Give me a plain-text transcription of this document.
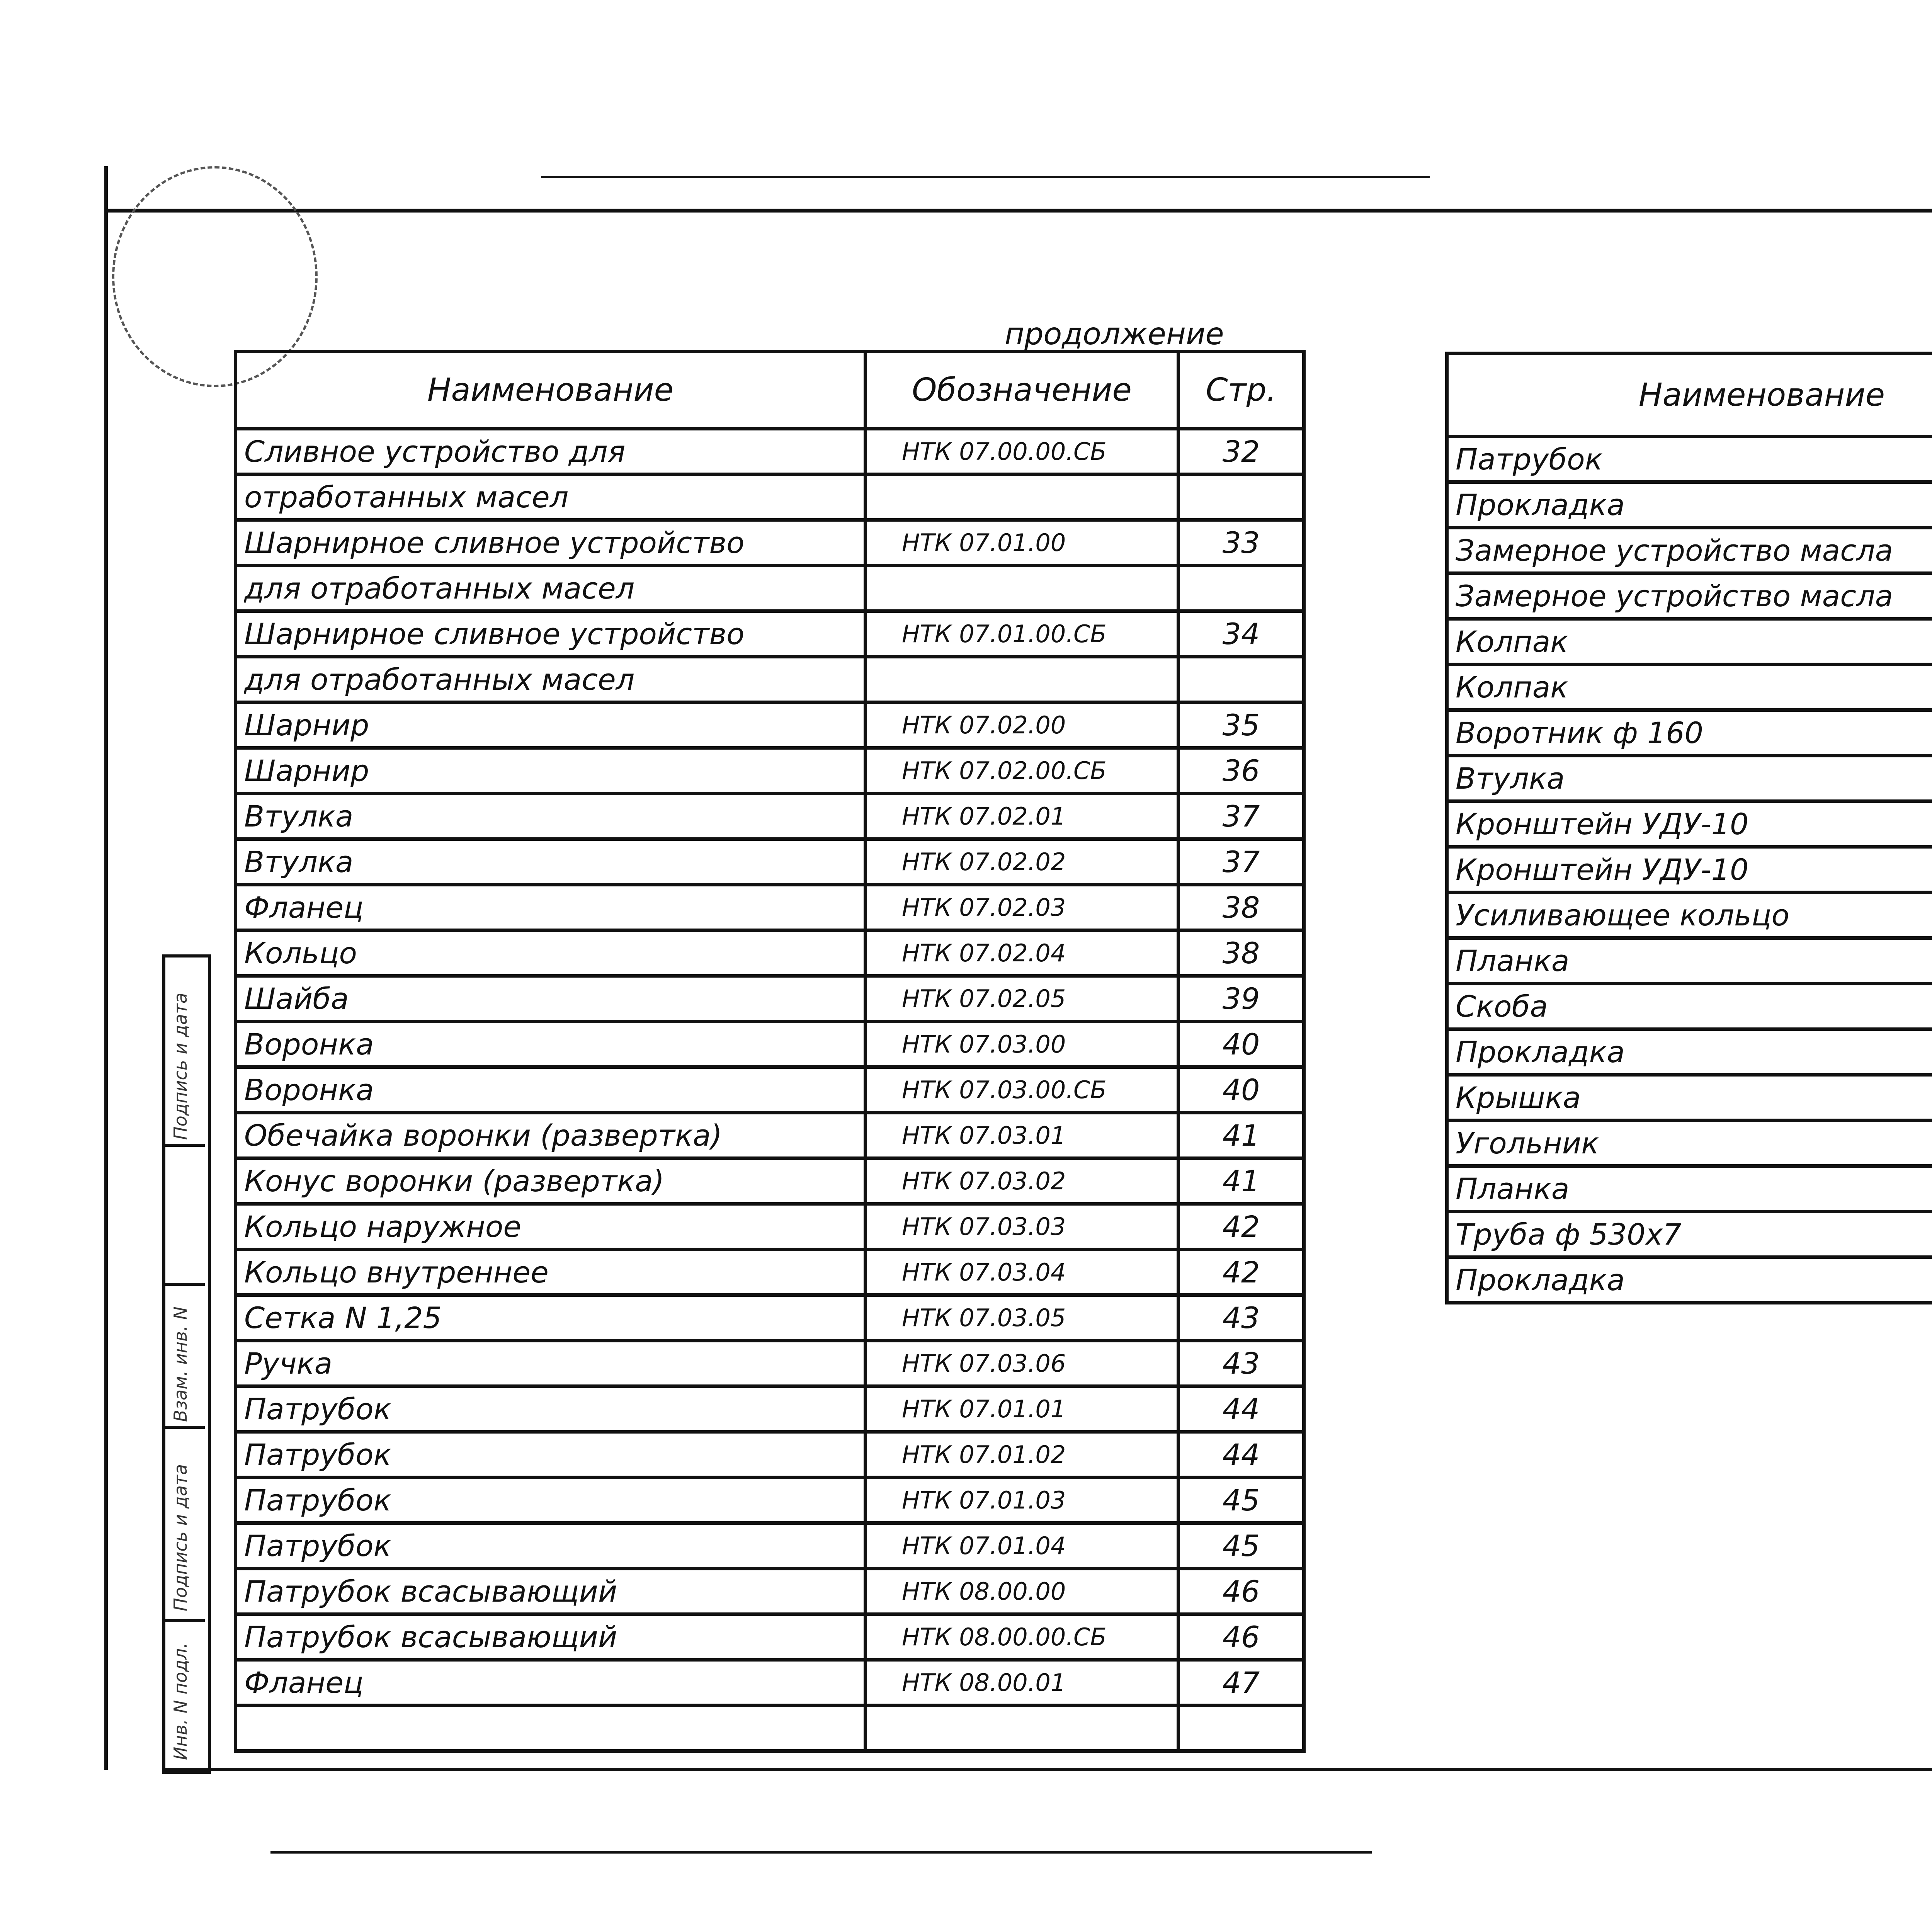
Инв. N подл.
Подпись и дата
Взам. инв. N
Подпись и дата
продолжение
Наименование	Обозначение	Стр.
Сливное устройство для	НТК 07.00.00.СБ	32
отработанных масел		
Шарнирное сливное устройство	НТК 07.01.00	33
для отработанных масел		
Шарнирное сливное устройство	НТК 07.01.00.СБ	34
для отработанных масел		
Шарнир	НТК 07.02.00	35
Шарнир	НТК 07.02.00.СБ	36
Втулка	НТК 07.02.01	37
Втулка	НТК 07.02.02	37
Фланец	НТК 07.02.03	38
Кольцо	НТК 07.02.04	38
Шайба	НТК 07.02.05	39
Воронка	НТК 07.03.00	40
Воронка	НТК 07.03.00.СБ	40
Обечайка воронки (развертка)	НТК 07.03.01	41
Конус воронки (развертка)	НТК 07.03.02	41
Кольцо наружное	НТК 07.03.03	42
Кольцо внутреннее	НТК 07.03.04	42
Сетка N 1,25	НТК 07.03.05	43
Ручка	НТК 07.03.06	43
Патрубок	НТК 07.01.01	44
Патрубок	НТК 07.01.02	44
Патрубок	НТК 07.01.03	45
Патрубок	НТК 07.01.04	45
Патрубок всасывающий	НТК 08.00.00	46
Патрубок всасывающий	НТК 08.00.00.СБ	46
Фланец	НТК 08.00.01	47

Наименование		
Патрубок		
Прокладка		
Замерное устройство масла		
Замерное устройство масла		
Колпак		
Колпак		
Воротник ф 160		
Втулка		
Кронштейн УДУ-10		
Кронштейн УДУ-10		
Усиливающее кольцо		
Планка		
Скоба		
Прокладка		
Крышка		
Угольник		
Планка		
Труба ф 530х7		
Прокладка		
